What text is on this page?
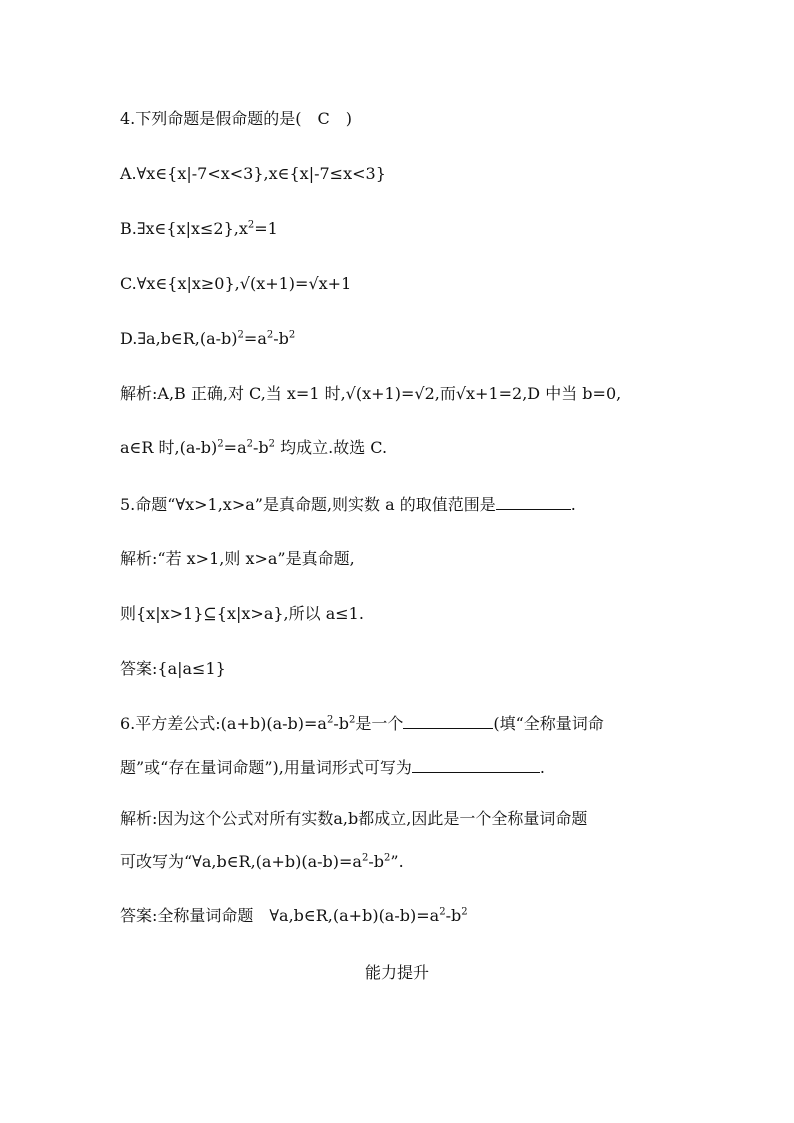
4.下列命题是假命题的是(　C　)
A.∀x∈{x|-7<x<3},x∈{x|-7≤x<3}
$B.\exists x\in\{x|x\le 2\},x^2=1$
C.∀x∈{x|x≥0},√(x+1)=√x+1
$D.\exists a,b\in R,(a-b)^2=a^2-b^2$
解析:A,B 正确,对 C,当 x=1 时,√(x+1)=√2,而√x+1=2,D 中当 b=0,
a∈R 时$,(a-b)^2=a^2-b^2$ 均成立.故选 C.
5.命题“∀x>1,x>a”是真命题,则实数 a 的取值范围是	.
解析:“若 x>1,则 x>a”是真命题,
则{x|x>1}⊆{x|x>a},所以 a≤1.
答案:{a|a≤1}
6.平方差公式$:(a+b)(a-b)=a^2-b^2$是一个	(填“全称量词命
题”或“存在量词命题”),用量词形式可写为	.
解析:因为这个公式对所有实数a,b都成立,因此是一个全称量词命题
可改写为“$\forall a,b\in R,(a+b)(a-b)=a^2-b^2$”.
答案:全称量词命题　$\forall a,b\in R,(a+b)(a-b)=a^2-b^2$
能力提升
